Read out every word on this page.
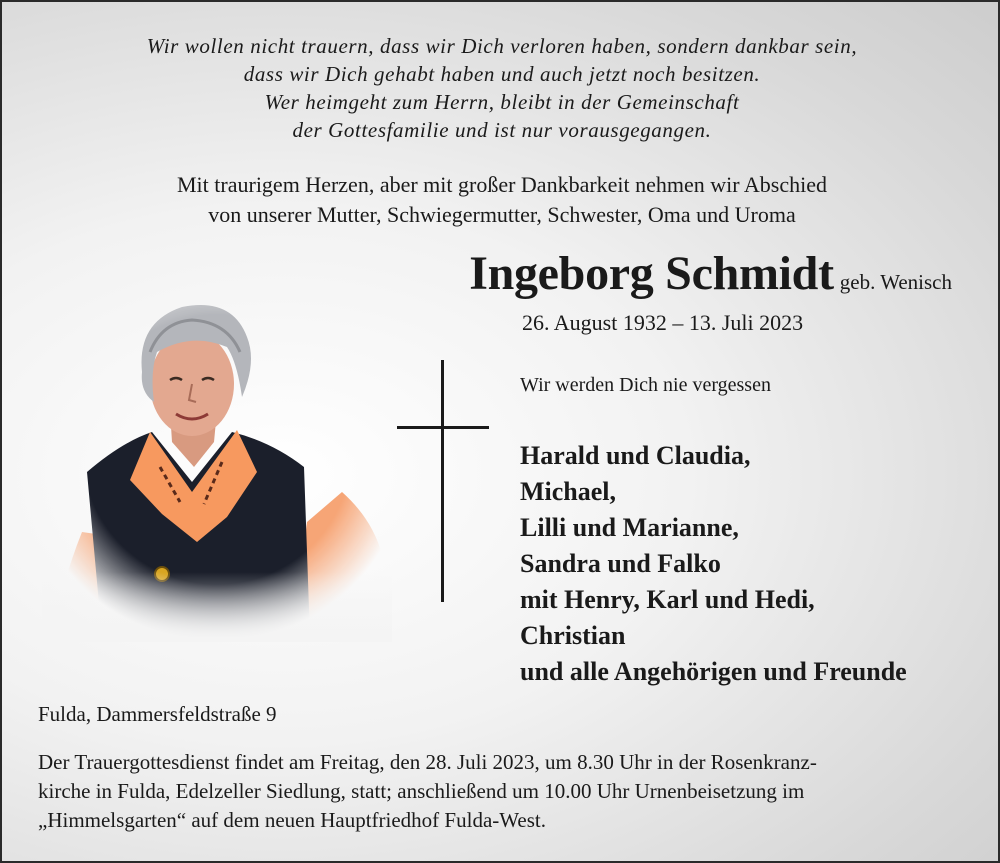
Wir wollen nicht trauern, dass wir Dich verloren haben, sondern dankbar sein,
dass wir Dich gehabt haben und auch jetzt noch besitzen.
Wer heimgeht zum Herrn, bleibt in der Gemeinschaft
der Gottesfamilie und ist nur vorausgegangen.
Mit traurigem Herzen, aber mit großer Dankbarkeit nehmen wir Abschied
von unserer Mutter, Schwiegermutter, Schwester, Oma und Uroma
Ingeborg Schmidt geb. Wenisch
26. August 1932 – 13. Juli 2023
Wir werden Dich nie vergessen
Harald und Claudia,
Michael,
Lilli und Marianne,
Sandra und Falko
mit Henry, Karl und Hedi,
Christian
und alle Angehörigen und Freunde
Fulda, Dammersfeldstraße 9
Der Trauergottesdienst findet am Freitag, den 28. Juli 2023, um 8.30 Uhr in der Rosenkranz-
kirche in Fulda, Edelzeller Siedlung, statt; anschließend um 10.00 Uhr Urnenbeisetzung im
„Himmelsgarten“ auf dem neuen Hauptfriedhof Fulda-West.
